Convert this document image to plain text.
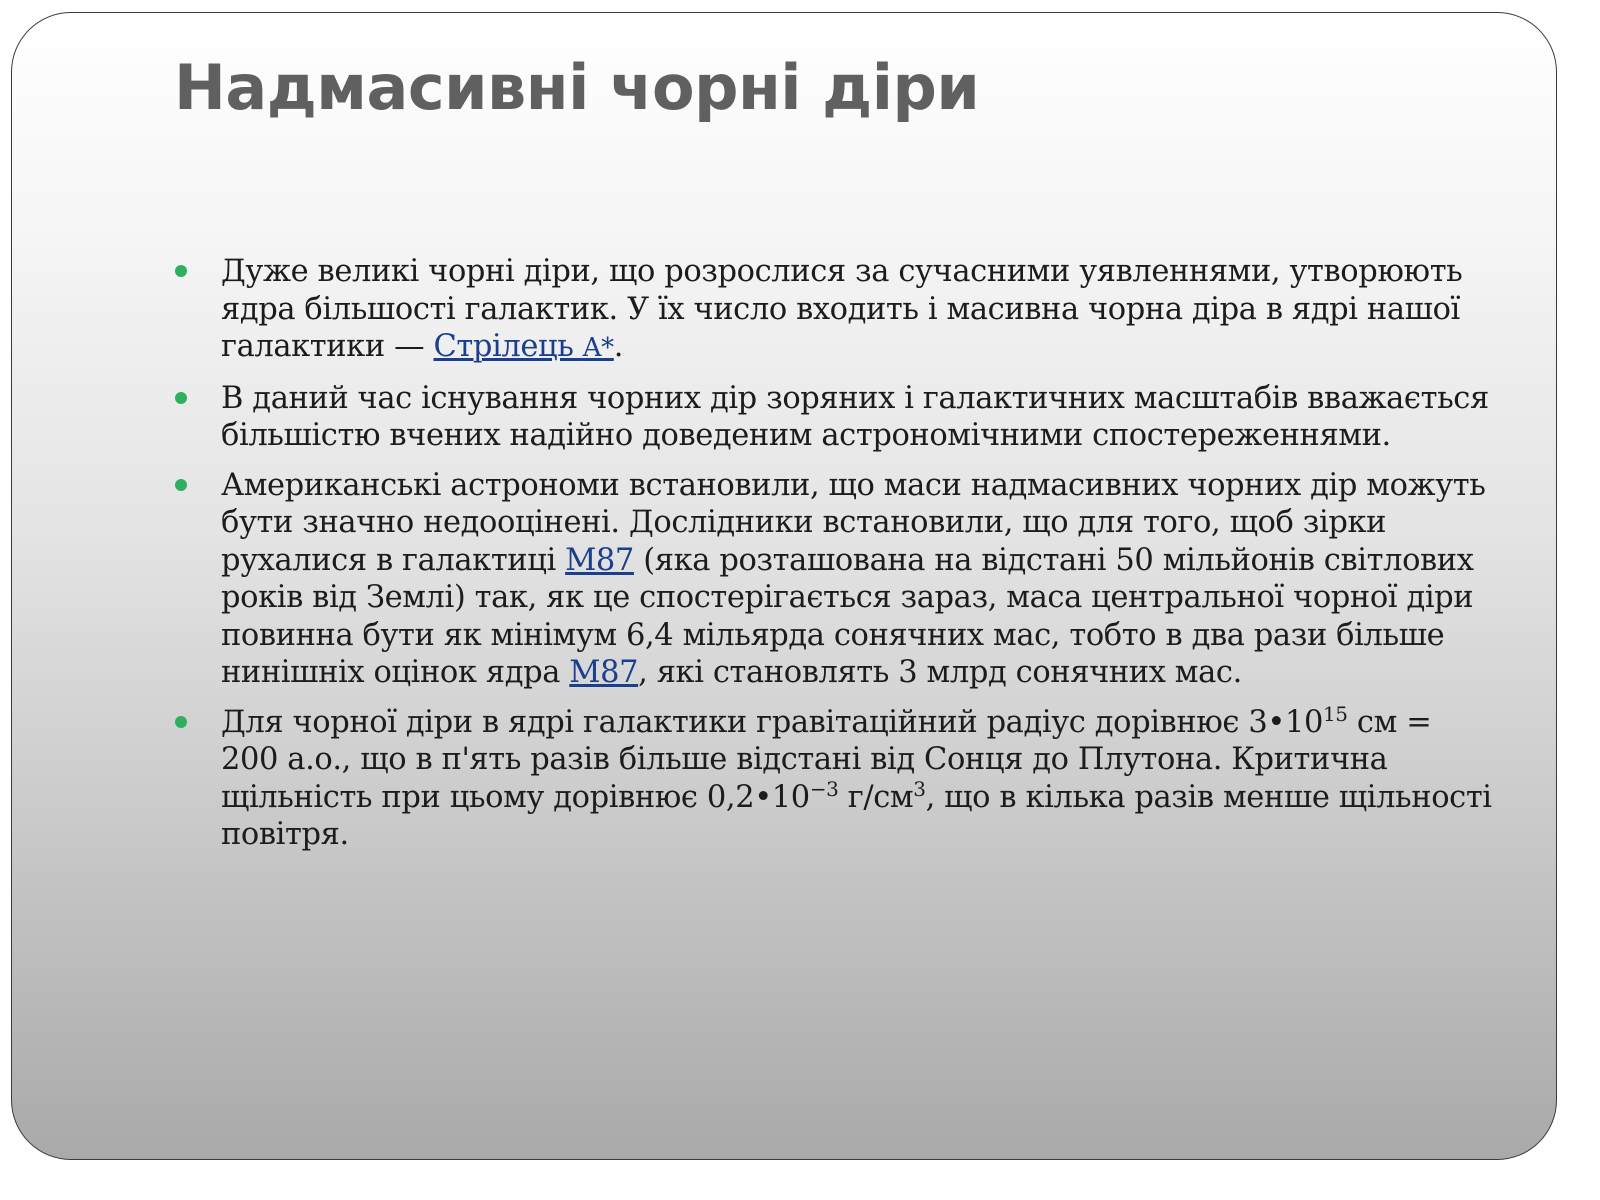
Надмасивні чорні діри
Дуже великі чорні діри, що розрослися за сучасними уявленнями, утворюють ядра більшості галактик. У їх число входить і масивна чорна діра в ядрі нашої галактики — Стрілець A*.
В даний час існування чорних дір зоряних і галактичних масштабів вважається більшістю вчених надійно доведеним астрономічними спостереженнями.
Американські астрономи встановили, що маси надмасивних чорних дір можуть бути значно недооцінені. Дослідники встановили, що для того, щоб зірки рухалися в галактиці M87 (яка розташована на відстані 50 мільйонів світлових років від Землі) так, як це спостерігається зараз, маса центральної чорної діри повинна бути як мінімум 6,4 мільярда сонячних мас, тобто в два рази більше нинішніх оцінок ядра M87, які становлять 3 млрд сонячних мас.
Для чорної діри в ядрі галактики гравітаційний радіус дорівнює $3•10^{15}$ см = 200 а.о., що в п'ять разів більше відстані від Сонця до Плутона. Критична щільність при цьому дорівнює $0,2•10^{-3}$ $г/см^3$, що в кілька разів менше щільності повітря.
